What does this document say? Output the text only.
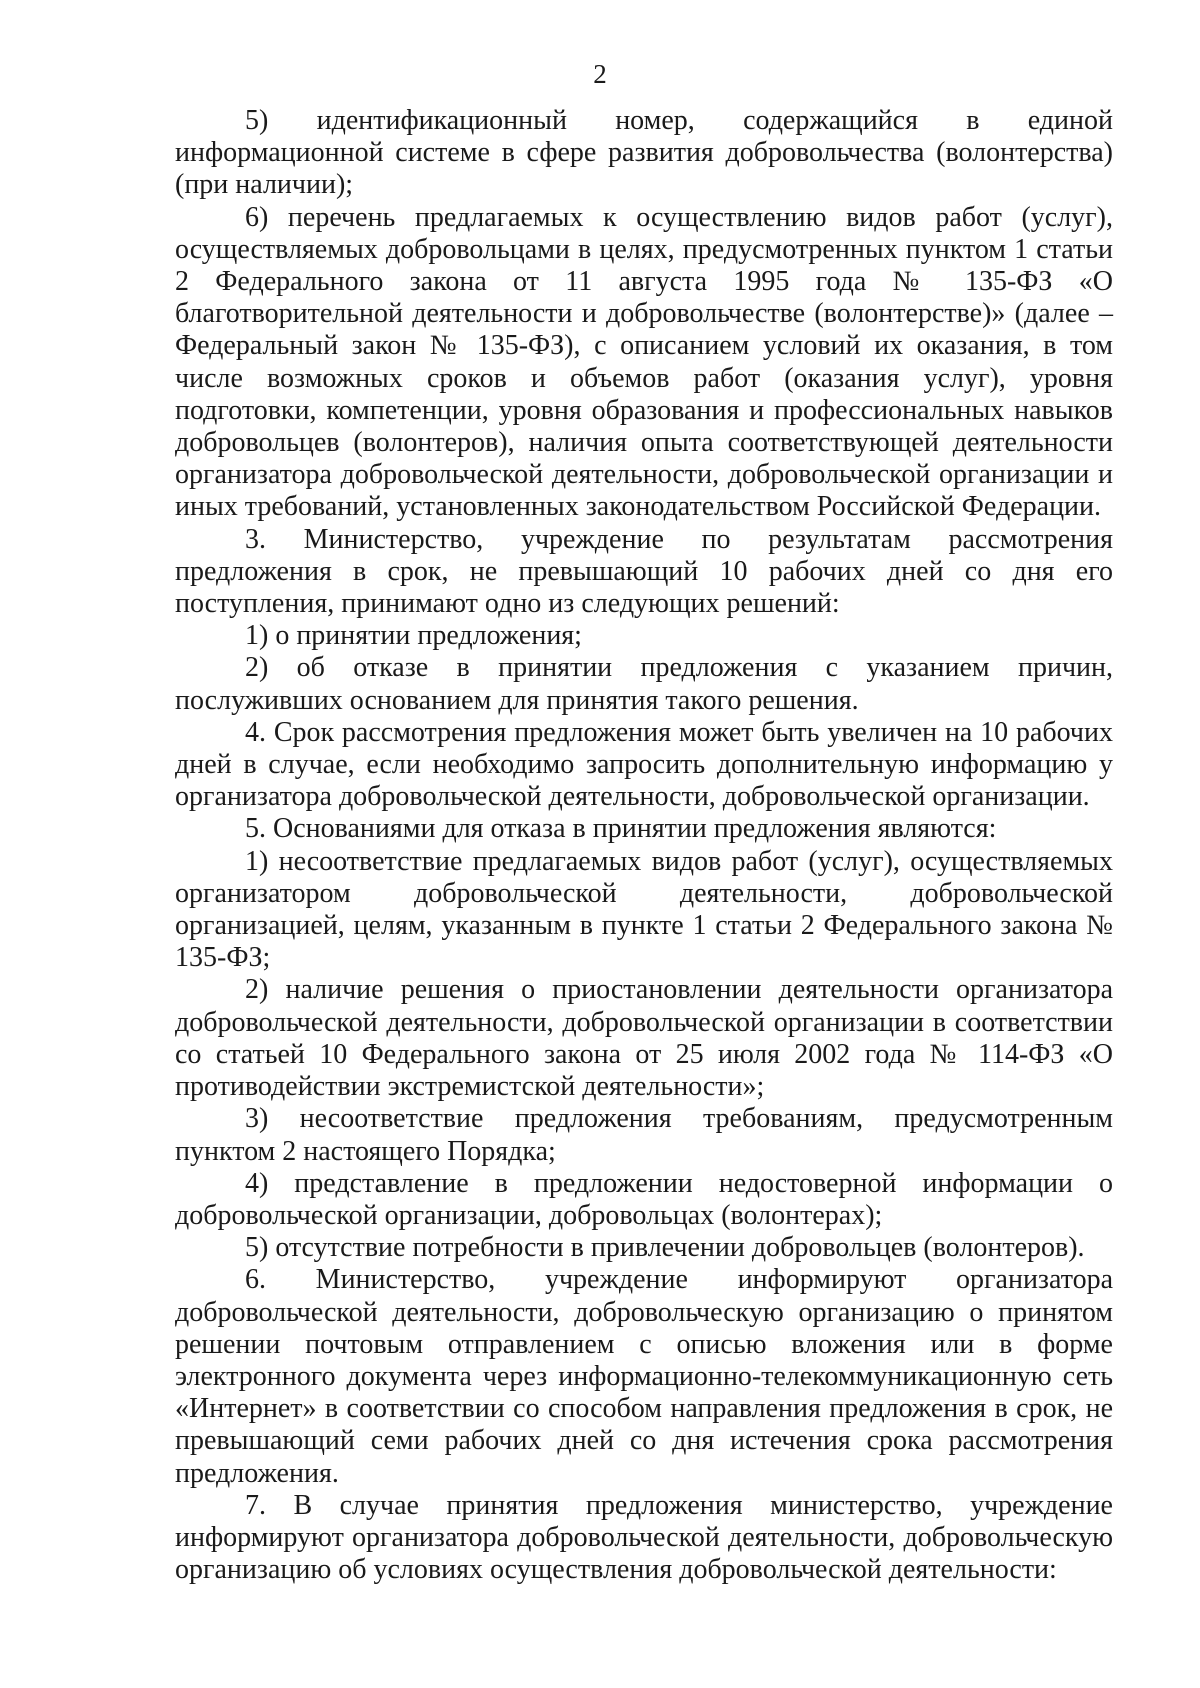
2

5) идентификационный номер, содержащийся в единой информационной системе в сфере развития добровольчества (волонтерства) (при наличии);

6) перечень предлагаемых к осуществлению видов работ (услуг), осуществляемых добровольцами в целях, предусмотренных пунктом 1 статьи 2 Федерального закона от 11 августа 1995 года № 135-ФЗ «О благотворительной деятельности и добровольчестве (волонтерстве)» (далее – Федеральный закон № 135-ФЗ), с описанием условий их оказания, в том числе возможных сроков и объемов работ (оказания услуг), уровня подготовки, компетенции, уровня образования и профессиональных навыков добровольцев (волонтеров), наличия опыта соответствующей деятельности организатора добровольческой деятельности, добровольческой организации и иных требований, установленных законодательством Российской Федерации.

3. Министерство, учреждение по результатам рассмотрения предложения в срок, не превышающий 10 рабочих дней со дня его поступления, принимают одно из следующих решений:

1) о принятии предложения;

2) об отказе в принятии предложения с указанием причин, послуживших основанием для принятия такого решения.

4. Срок рассмотрения предложения может быть увеличен на 10 рабочих дней в случае, если необходимо запросить дополнительную информацию у организатора добровольческой деятельности, добровольческой организации.

5. Основаниями для отказа в принятии предложения являются:

1) несоответствие предлагаемых видов работ (услуг), осуществляемых организатором добровольческой деятельности, добровольческой организацией, целям, указанным в пункте 1 статьи 2 Федерального закона № 135-ФЗ;

2) наличие решения о приостановлении деятельности организатора добровольческой деятельности, добровольческой организации в соответствии со статьей 10 Федерального закона от 25 июля 2002 года № 114-ФЗ «О противодействии экстремистской деятельности»;

3) несоответствие предложения требованиям, предусмотренным пунктом 2 настоящего Порядка;

4) представление в предложении недостоверной информации о добровольческой организации, добровольцах (волонтерах);

5) отсутствие потребности в привлечении добровольцев (волонтеров).

6. Министерство, учреждение информируют организатора добровольческой деятельности, добровольческую организацию о принятом решении почтовым отправлением с описью вложения или в форме электронного документа через информационно-телекоммуникационную сеть «Интернет» в соответствии со способом направления предложения в срок, не превышающий семи рабочих дней со дня истечения срока рассмотрения предложения.

7. В случае принятия предложения министерство, учреждение информируют организатора добровольческой деятельности, добровольческую организацию об условиях осуществления добровольческой деятельности:
